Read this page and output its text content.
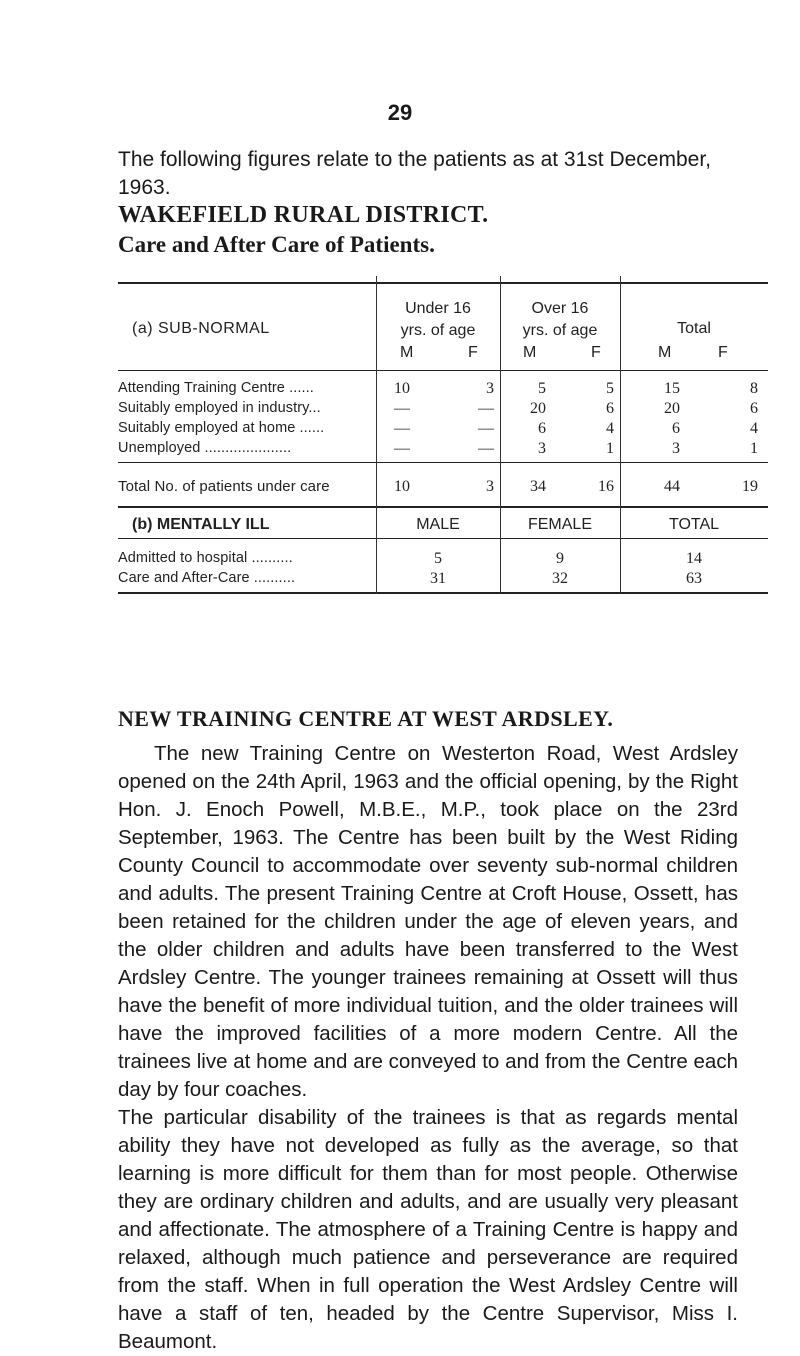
29
The following figures relate to the patients as at 31st December, 1963.
WAKEFIELD RURAL DISTRICT.
Care and After Care of Patients.
(a) SUB-NORMAL
Under 16
yrs. of age
M	F
Over 16
yrs. of age
M	F
Total
M	F
Attending Training Centre ......	10	3	5	5	15	8
Suitably employed in industry...	—	—	20	6	20	6
Suitably employed at home ......	—	—	6	4	6	4
Unemployed .....................	—	—	3	1	3	1
Total No. of patients under care	10	3	34	16	44	19
(b) MENTALLY ILL	MALE	FEMALE	TOTAL
Admitted to hospital ..........	5	9	14
Care and After-Care ..........	31	32	63
NEW TRAINING CENTRE AT WEST ARDSLEY.

The new Training Centre on Westerton Road, West Ardsley opened on the 24th April, 1963 and the official opening, by the Right Hon. J. Enoch Powell, M.B.E., M.P., took place on the 23rd September, 1963. The Centre has been built by the West Riding County Council to accommodate over seventy sub-normal children and adults. The present Training Centre at Croft House, Ossett, has been retained for the children under the age of eleven years, and the older children and adults have been transferred to the West Ardsley Centre. The younger trainees remaining at Ossett will thus have the benefit of more individual tuition, and the older trainees will have the improved facilities of a more modern Centre. All the trainees live at home and are conveyed to and from the Centre each day by four coaches.

The particular disability of the trainees is that as regards mental ability they have not developed as fully as the average, so that learning is more difficult for them than for most people. Otherwise they are ordinary children and adults, and are usually very pleasant and affectionate. The atmosphere of a Training Centre is happy and relaxed, although much patience and perseverance are required from the staff. When in full operation the West Ardsley Centre will have a staff of ten, headed by the Centre Supervisor, Miss I. Beaumont.
